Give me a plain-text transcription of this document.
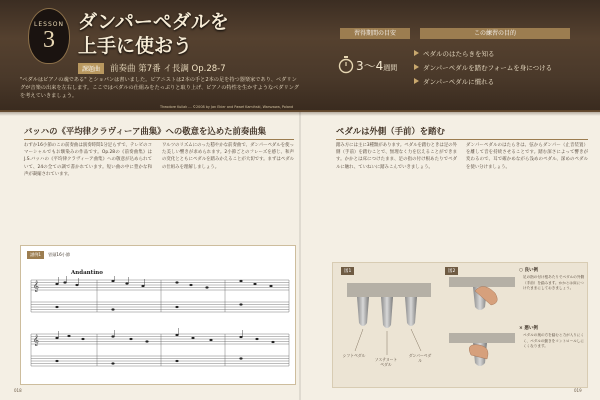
LESSON
3
ダンパーペダルを
上手に使おう
課題曲	前奏曲 第7番 イ長調 Op.28-7

"ペダルはピアノの魂である" とショパンは書いました。ピアニストは2本の手と2本の足を持つ器楽家であり、ペダリングが音楽の出来を左右します。ここではペダルの仕組みをたっぷりと取り上げ、ピアノの特性を生かすようなペダリングを考えていきましょう。

Theodore Kullak ... ©2008 by Jan Ekier and Paweł Kamiński, Warszawa, Poland
習得期間の目安	この練習の目的
3〜4週間
ペダルのはたらきを知る
ダンパーペダルを踏むフォームを身につける
ダンパーペダルに慣れる
バッハの《平均律クラヴィーア曲集》への敬意を込めた前奏曲集

わずか16小節のこの前奏曲は演奏時間1分足らずで、テレビのコマーシャルでもお馴染みの作品です。Op.28の《前奏曲集》はJ.S.バッハの《平均律クラヴィーア曲集》への敬意が込められていて、24の全ての調で書かれています。短い曲の中に豊かな和声が凝縮されています。

ワルツのリズムにのった穏やかな前奏曲で、ダンパーペダルを使った美しい響きが求められます。2小節ごとのフレーズを感じ、和声の変化とともにペダルを踏みかえることが大切です。まずはペダルの仕組みを理解しましょう。

譜例1	冒頭16小節
Andantino
𝄞
𝄞
018
ペダルは外側（手前）を踏む

踏み方には主に3種類があります。ペダルを踏むときは足の外側（手前）を踏むことで、無理なく力を伝えることができます。かかとは床につけたまま、足の指の付け根あたりでペダルに触れ、ていねいに踏みこんでいきましょう。

ダンパーペダルのはたらきは、弦からダンパー（止音装置）を離して音を持続させることです。踏む深さによって響きが変わるので、耳で確かめながら浅めのペダル、深めのペダルを使い分けましょう。

図1	図2
シフトペダル
ソステヌートペダル
ダンパーペダル
○ 良い例
× 悪い例

足の指の付け根あたりでペダルの外側（手前）を踏みます。かかとは床につけたままにしておきましょう。

ペダルの奥の方を踏むと力が入りにくく、ペダルの動きをコントロールしにくくなります。

019
